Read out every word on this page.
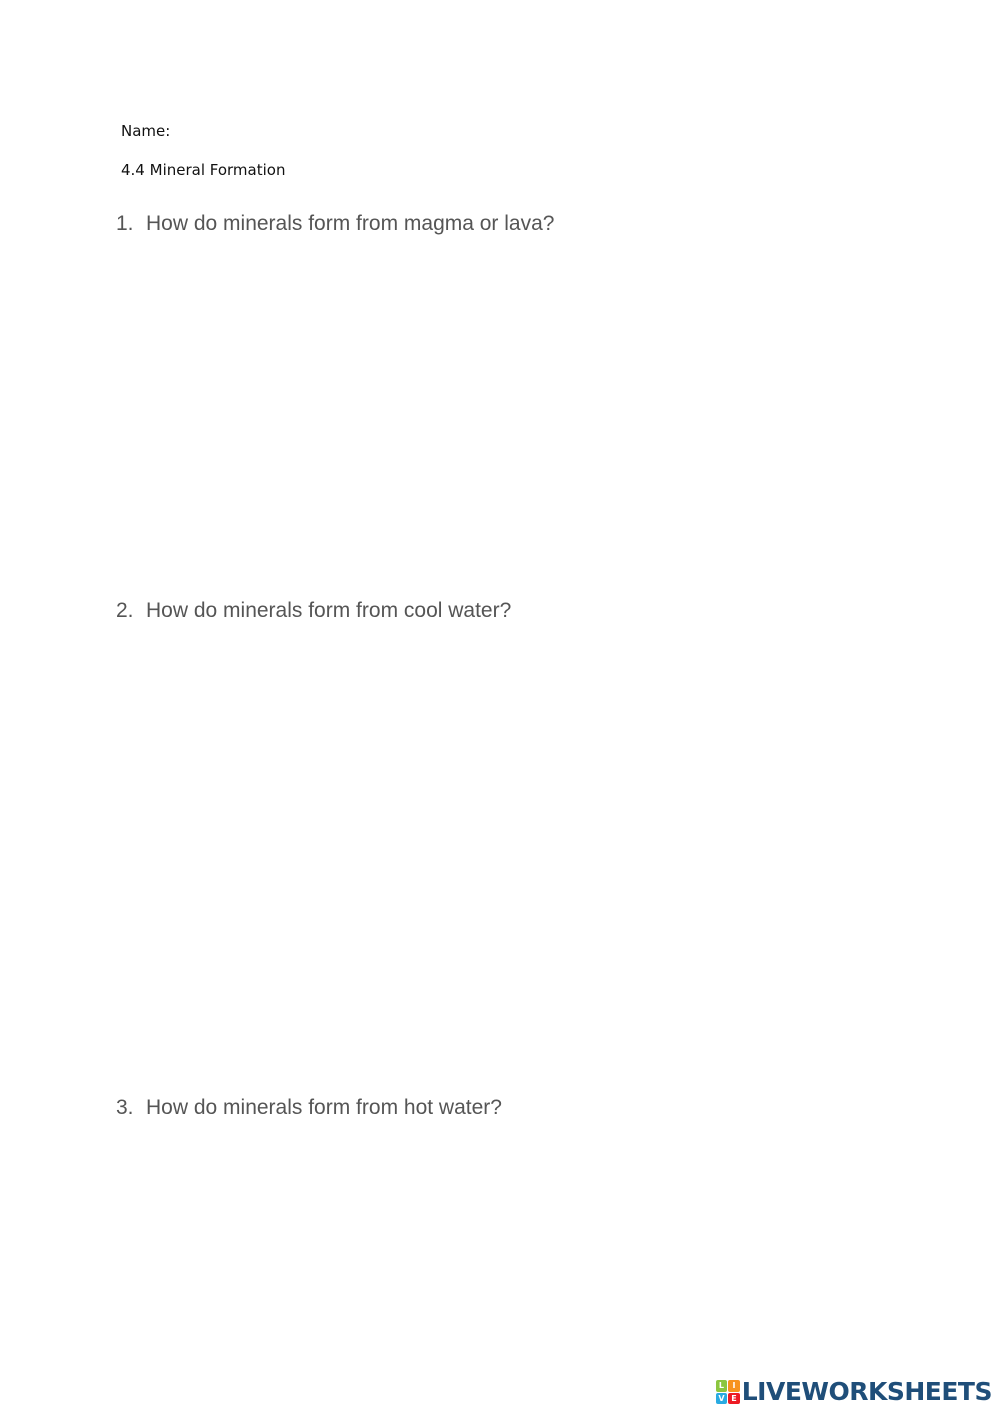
Name:
4.4 Mineral Formation
1. How do minerals form from magma or lava?
2. How do minerals form from cool water?
3. How do minerals form from hot water?
L	I
V E LIVEWORKSHEETS
